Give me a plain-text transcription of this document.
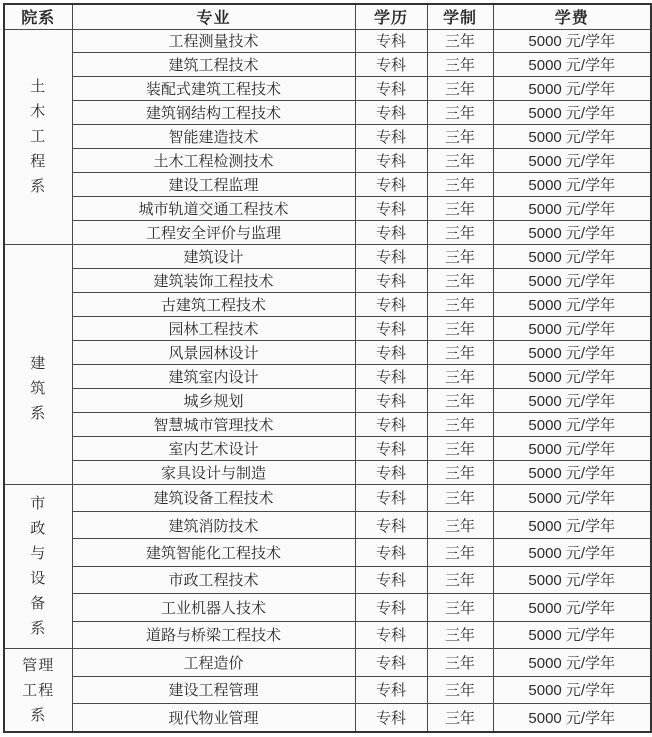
院系	专业	学历	学制	学费

土
木
工
程
系	工程测量技术	专科	三年	5000 元/学年
	建筑工程技术	专科	三年	5000 元/学年
	装配式建筑工程技术	专科	三年	5000 元/学年
	建筑钢结构工程技术	专科	三年	5000 元/学年
	智能建造技术	专科	三年	5000 元/学年
	土木工程检测技术	专科	三年	5000 元/学年
	建设工程监理	专科	三年	5000 元/学年
	城市轨道交通工程技术	专科	三年	5000 元/学年
	工程安全评价与监理	专科	三年	5000 元/学年

建
筑
系	建筑设计	专科	三年	5000 元/学年
	建筑装饰工程技术	专科	三年	5000 元/学年
	古建筑工程技术	专科	三年	5000 元/学年
	园林工程技术	专科	三年	5000 元/学年
	风景园林设计	专科	三年	5000 元/学年
	建筑室内设计	专科	三年	5000 元/学年
	城乡规划	专科	三年	5000 元/学年
	智慧城市管理技术	专科	三年	5000 元/学年
	室内艺术设计	专科	三年	5000 元/学年
	家具设计与制造	专科	三年	5000 元/学年

市
政
与
设
备
系
	建筑设备工程技术	专科	三年	5000 元/学年
	建筑消防技术	专科	三年	5000 元/学年
	建筑智能化工程技术	专科	三年	5000 元/学年
	市政工程技术	专科	三年	5000 元/学年
	工业机器人技术	专科	三年	5000 元/学年
	道路与桥梁工程技术	专科	三年	5000 元/学年

管理
工程
系	工程造价	专科	三年	5000 元/学年
	建设工程管理	专科	三年	5000 元/学年
	现代物业管理	专科	三年	5000 元/学年
